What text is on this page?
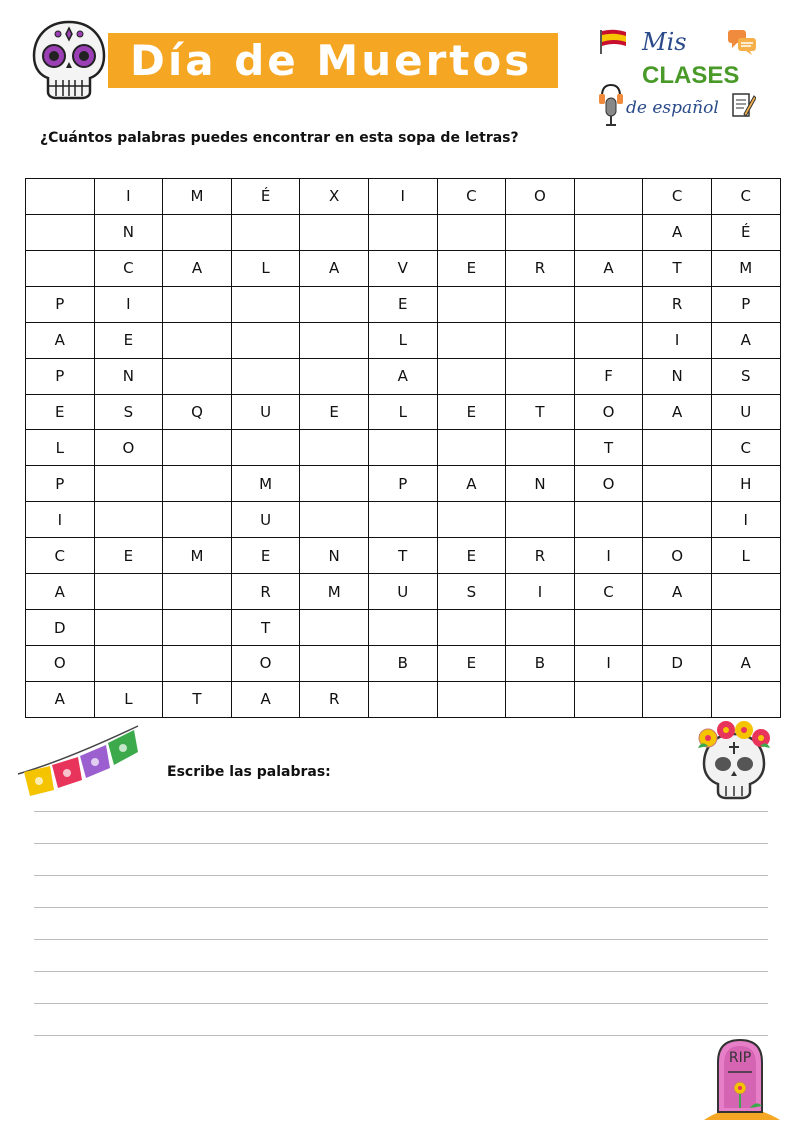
Día de Muertos	Mis
CLASES
de español
¿Cuántos palabras puedes encontrar en esta sopa de letras?
	I	M	É	X	I	C	O		C	C
	N								A	É
	C	A	L	A	V	E	R	A	T	M
P	I				E				R	P
A	E				L				I	A
P	N				A			F	N	S
E	S	Q	U	E	L	E	T	O	A	U
L	O							T		C
P			M		P	A	N	O		H
I			U							I
C	E	M	E	N	T	E	R	I	O	L
A			R	M	U	S	I	C	A	
D			T							
O			O		B	E	B	I	D	A
A	L	T	A	R						
Escribe las palabras:
RIP
